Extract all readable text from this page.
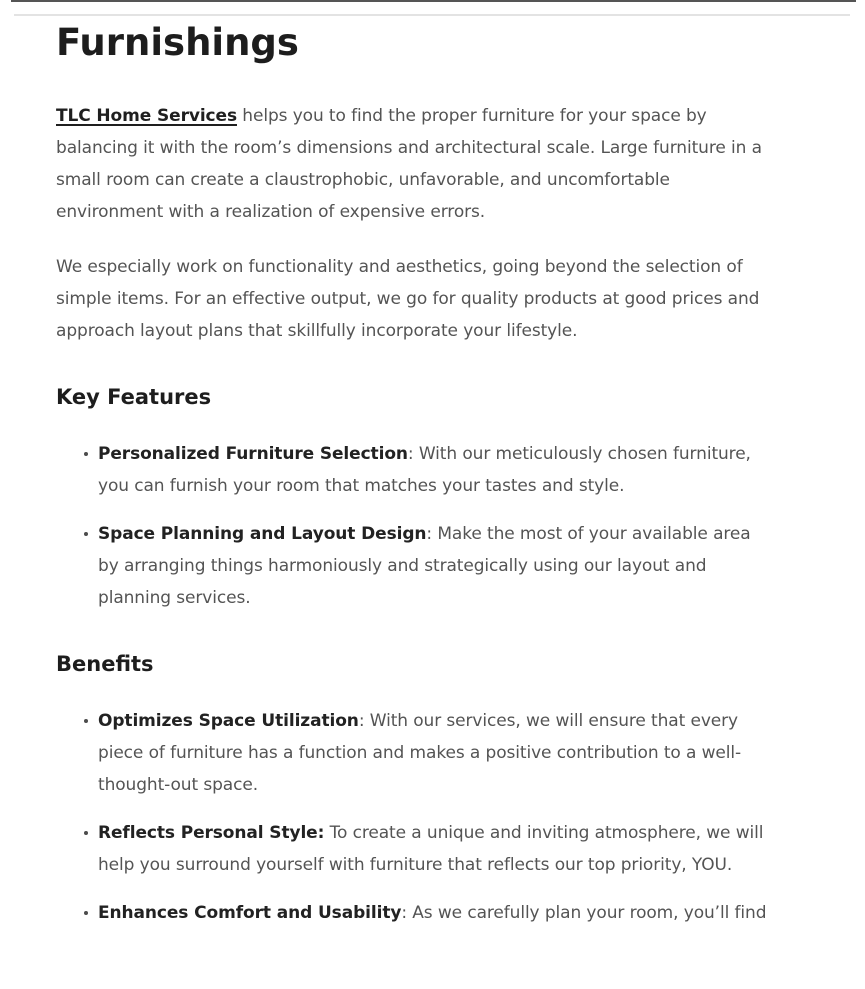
Furnishings

TLC Home Services helps you to find the proper furniture for your space by balancing it with the room’s dimensions and architectural scale. Large furniture in a small room can create a claustrophobic, unfavorable, and uncomfortable environment with a realization of expensive errors.

We especially work on functionality and aesthetics, going beyond the selection of simple items. For an effective output, we go for quality products at good prices and approach layout plans that skillfully incorporate your lifestyle.

Key Features
Personalized Furniture Selection: With our meticulously chosen furniture, you can furnish your room that matches your tastes and style.
Space Planning and Layout Design: Make the most of your available area by arranging things harmoniously and strategically using our layout and planning services.
Benefits
Optimizes Space Utilization: With our services, we will ensure that every piece of furniture has a function and makes a positive contribution to a well-thought-out space.
Reflects Personal Style: To create a unique and inviting atmosphere, we will help you surround yourself with furniture that reflects our top priority, YOU.
Enhances Comfort and Usability: As we carefully plan your room, you’ll find
